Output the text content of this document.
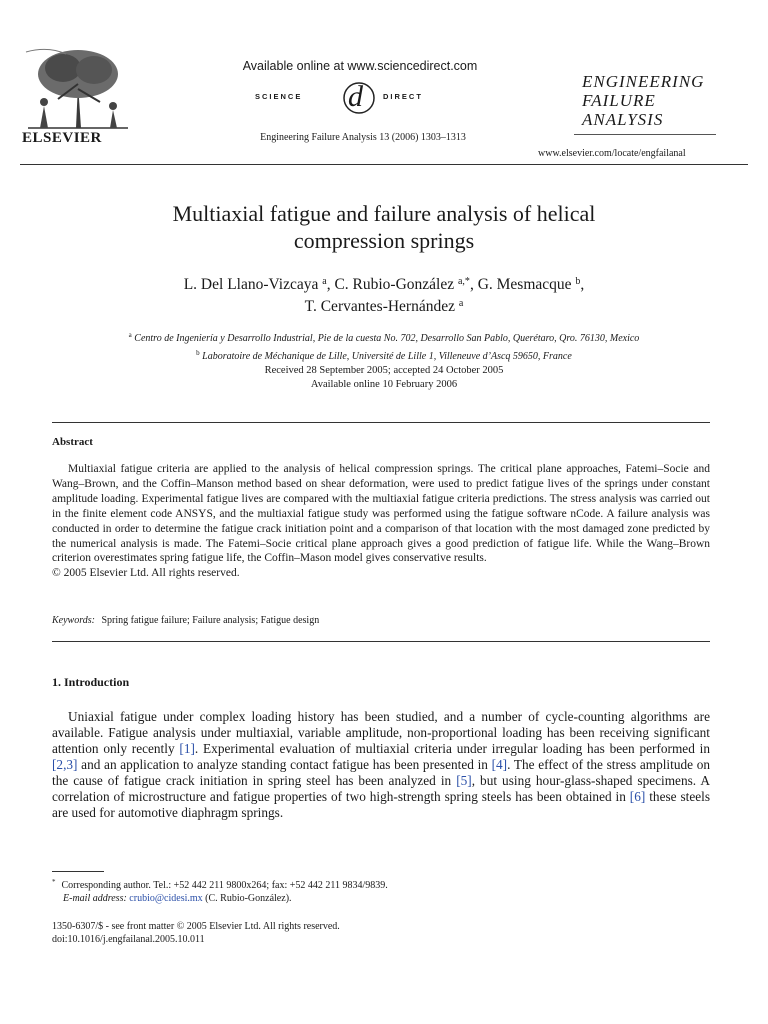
ELSEVIER
Available online at www.sciencedirect.com
SCIENCE d	DIRECT
Engineering Failure Analysis 13 (2006) 1303–1313
ENGINEERING
FAILURE
ANALYSIS
www.elsevier.com/locate/engfailanal
Multiaxial fatigue and failure analysis of helical
compression springs
L. Del Llano-Vizcaya $^a$, C. Rubio-González $^{a,*}$, G. Mesmacque $^b$,
T. Cervantes-Hernández $^a$
$^a$ Centro de Ingeniería y Desarrollo Industrial, Pie de la cuesta No. 702, Desarrollo San Pablo, Querétaro, Qro. 76130, Mexico
$^b$ Laboratoire de Méchanique de Lille, Université de Lille 1, Villeneuve d’Ascq 59650, France
Received 28 September 2005; accepted 24 October 2005
Available online 10 February 2006
Abstract

Multiaxial fatigue criteria are applied to the analysis of helical compression springs. The critical plane approaches, Fatemi–Socie and Wang–Brown, and the Coffin–Manson method based on shear deformation, were used to predict fatigue lives of the springs under constant amplitude loading. Experimental fatigue lives are compared with the multiaxial fatigue criteria predictions. The stress analysis was carried out in the finite element code ANSYS, and the multiaxial fatigue study was performed using the fatigue software nCode. A failure analysis was conducted in order to determine the fatigue crack initiation point and a comparison of that location with the most damaged zone predicted by the numerical analysis is made. The Fatemi–Socie critical plane approach gives a good prediction of fatigue life. While the Wang–Brown criterion overestimates spring fatigue life, the Coffin–Mason model gives conservative results.

© 2005 Elsevier Ltd. All rights reserved.

Keywords: Spring fatigue failure; Failure analysis; Fatigue design
1. Introduction

Uniaxial fatigue under complex loading history has been studied, and a number of cycle-counting algorithms are available. Fatigue analysis under multiaxial, variable amplitude, non-proportional loading has been receiving significant attention only recently [1]. Experimental evaluation of multiaxial criteria under irregular loading has been performed in [2,3] and an application to analyze standing contact fatigue has been presented in [4]. The effect of the stress amplitude on the cause of fatigue crack initiation in spring steel has been analyzed in [5], but using hour-glass-shaped specimens. A correlation of microstructure and fatigue properties of two high-strength spring steels has been obtained in [6] these steels are used for automotive diaphragm springs.

* Corresponding author. Tel.: +52 442 211 9800x264; fax: +52 442 211 9834/9839.
E-mail address: crubio@cidesi.mx (C. Rubio-González).
1350-6307/$ - see front matter © 2005 Elsevier Ltd. All rights reserved.
doi:10.1016/j.engfailanal.2005.10.011
